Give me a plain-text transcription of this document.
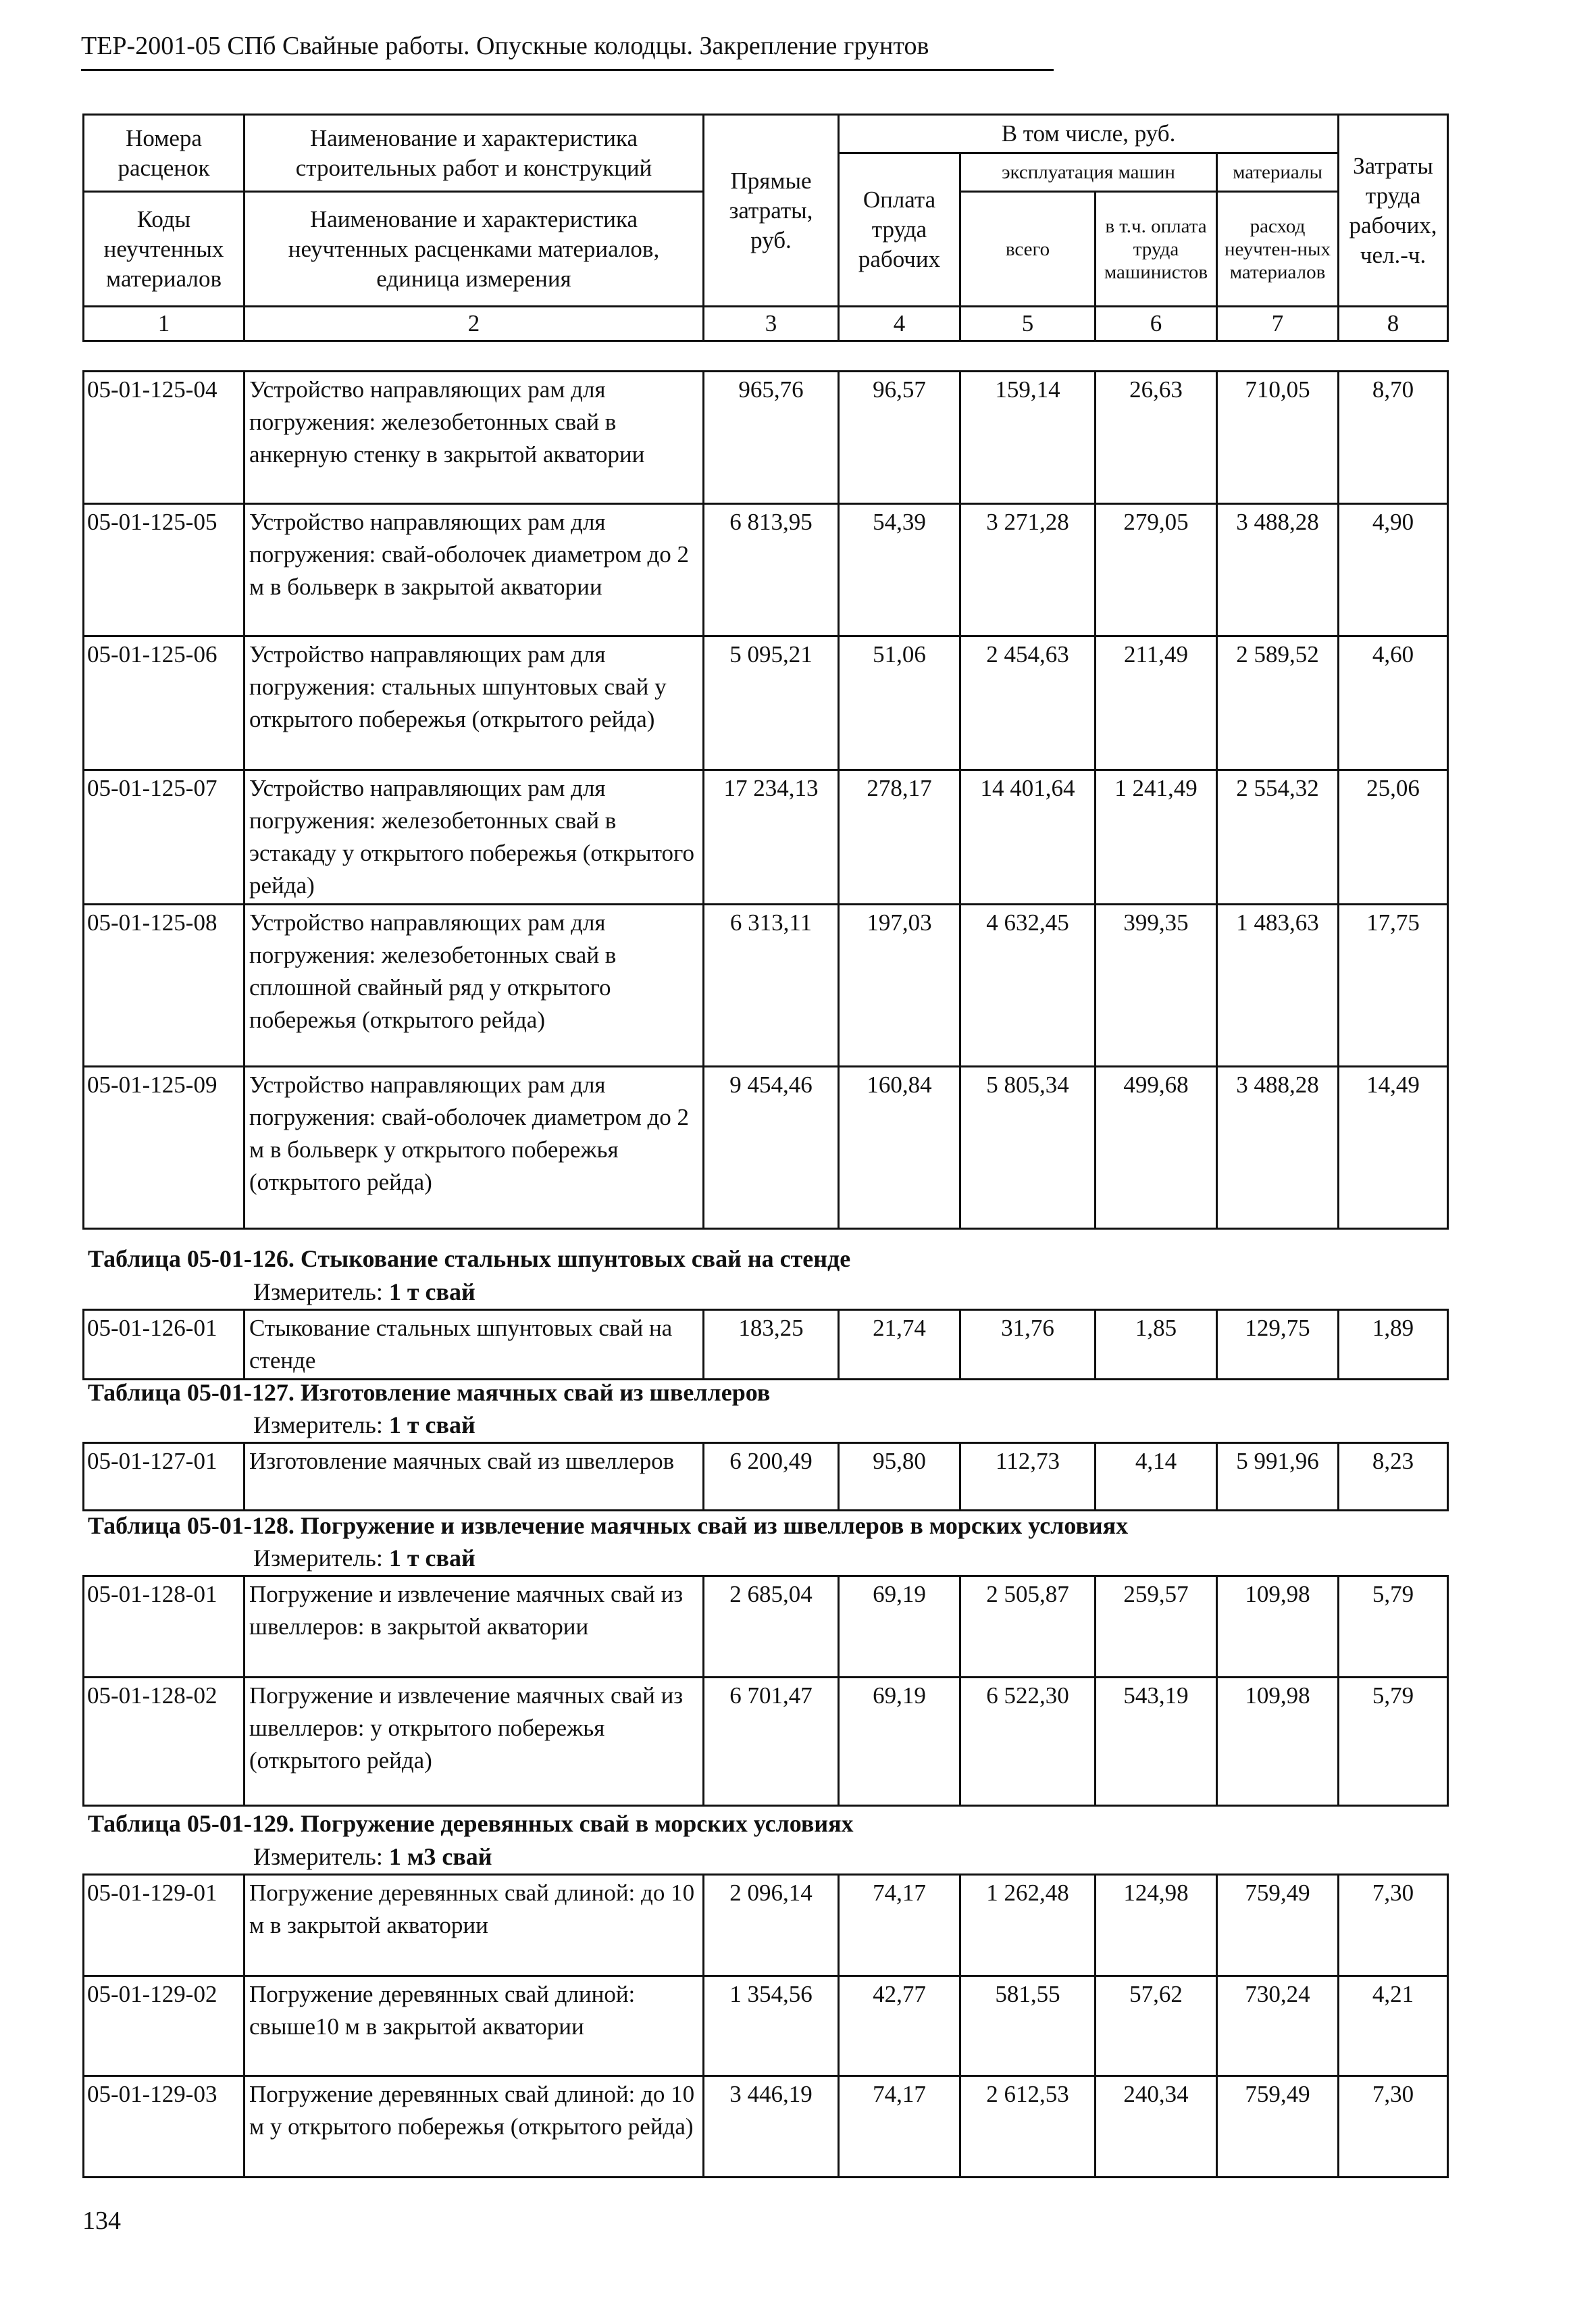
ТЕР-2001-05 СПб Свайные работы. Опускные колодцы. Закрепление грунтов
Номера расценок	Наименование и характеристика строительных работ и конструкций	Прямые затраты, руб.	В том числе, руб.				Затраты труда рабочих, чел.-ч.
			Оплата труда рабочих	эксплуатация машин		материалы	
Коды неучтенных материалов	Наименование и характеристика неучтенных расценками материалов, единица измерения			всего	в т.ч. оплата труда машинистов	расход неучтен-ных материалов	

1	2	3	4	5	6	7	8
05-01-125-04	Устройство направляющих рам для погружения: железобетонных свай в анкерную стенку в закрытой акватории	965,76	96,57	159,14	26,63	710,05	8,70
05-01-125-05	Устройство направляющих рам для погружения: свай-оболочек диаметром до 2 м в больверк в закрытой акватории	6 813,95	54,39	3 271,28	279,05	3 488,28	4,90
05-01-125-06	Устройство направляющих рам для погружения: стальных шпунтовых свай у открытого побережья (открытого рейда)	5 095,21	51,06	2 454,63	211,49	2 589,52	4,60
05-01-125-07	Устройство направляющих рам для погружения: железобетонных свай в эстакаду у открытого побережья (открытого рейда)	17 234,13	278,17	14 401,64	1 241,49	2 554,32	25,06
05-01-125-08	Устройство направляющих рам для погружения: железобетонных свай в сплошной свайный ряд у открытого побережья (открытого рейда)	6 313,11	197,03	4 632,45	399,35	1 483,63	17,75
05-01-125-09	Устройство направляющих рам для погружения: свай-оболочек диаметром до 2 м в больверк у открытого побережья (открытого рейда)	9 454,46	160,84	5 805,34	499,68	3 488,28	14,49
Таблица 05-01-126. Стыкование стальных шпунтовых свай на стенде
Измеритель: 1 т свай
05-01-126-01	Стыкование стальных шпунтовых свай на стенде	183,25	21,74	31,76	1,85	129,75	1,89
Таблица 05-01-127. Изготовление маячных свай из швеллеров
Измеритель: 1 т свай
05-01-127-01	Изготовление маячных свай из швеллеров	6 200,49	95,80	112,73	4,14	5 991,96	8,23
Таблица 05-01-128. Погружение и извлечение маячных свай из швеллеров в морских условиях
Измеритель: 1 т свай
05-01-128-01	Погружение и извлечение маячных свай из швеллеров: в закрытой акватории	2 685,04	69,19	2 505,87	259,57	109,98	5,79
05-01-128-02	Погружение и извлечение маячных свай из швеллеров: у открытого побережья (открытого рейда)	6 701,47	69,19	6 522,30	543,19	109,98	5,79
Таблица 05-01-129. Погружение деревянных свай в морских условиях
Измеритель: 1 м3 свай
05-01-129-01	Погружение деревянных свай длиной: до 10 м в закрытой акватории	2 096,14	74,17	1 262,48	124,98	759,49	7,30
05-01-129-02	Погружение деревянных свай длиной: свыше10 м в закрытой акватории	1 354,56	42,77	581,55	57,62	730,24	4,21
05-01-129-03	Погружение деревянных свай длиной: до 10 м у открытого побережья (открытого рейда)	3 446,19	74,17	2 612,53	240,34	759,49	7,30
134
